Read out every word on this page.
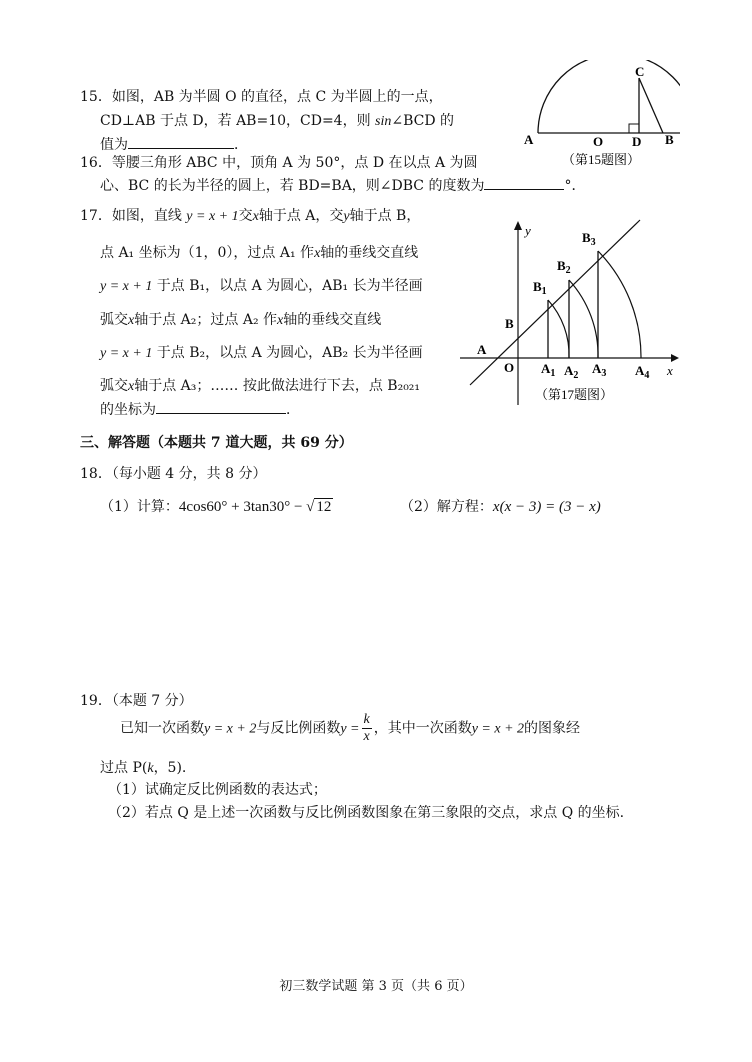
15．如图，AB 为半圆 O 的直径，点 C 为半圆上的一点，
CD⊥AB 于点 D，若 AB=10，CD=4，则 sin∠BCD 的
值为	．
C
A	O D B
（第15题图）
16．等腰三角形 ABC 中，顶角 A 为 50°，点 D 在以点 A 为圆
心、BC 的长为半径的圆上，若 BD=BA，则∠DBC 的度数为	°．
17．如图，直线 y = x + 1交x轴于点 A，交y轴于点 B，
点 A₁ 坐标为（1，0），过点 A₁ 作x轴的垂线交直线
y = x + 1 于点 B₁，以点 A 为圆心，AB₁ 长为半径画
弧交x轴于点 A₂；过点 A₂ 作x轴的垂线交直线
y = x + 1 于点 B₂，以点 A 为圆心，AB₂ 长为半径画
弧交x轴于点 A₃；…… 按此做法进行下去，点 B₂₀₂₁
的坐标为	．
y
x
A
O
B
$B_1$
$B_2$
$B_3$
$A_1$ $A_2$ $A_3$ $A_4$
（第17题图）
三、解答题（本题共 7 道大题，共 69 分）
18．（每小题 4 分，共 8 分）
（1）计算：4cos60° + 3tan30° − √ 12	（2）解方程：x(x − 3) = (3 − x)
19．（本题 7 分）
已知一次函数y = x + 2与反比例函数$y = \frac{k}{x}$ ，其中一次函数y = x + 2的图象经
过点 P(k，5).
（1）试确定反比例函数的表达式；
（2）若点 Q 是上述一次函数与反比例函数图象在第三象限的交点，求点 Q 的坐标.
初三数学试题 第 3 页（共 6 页）
